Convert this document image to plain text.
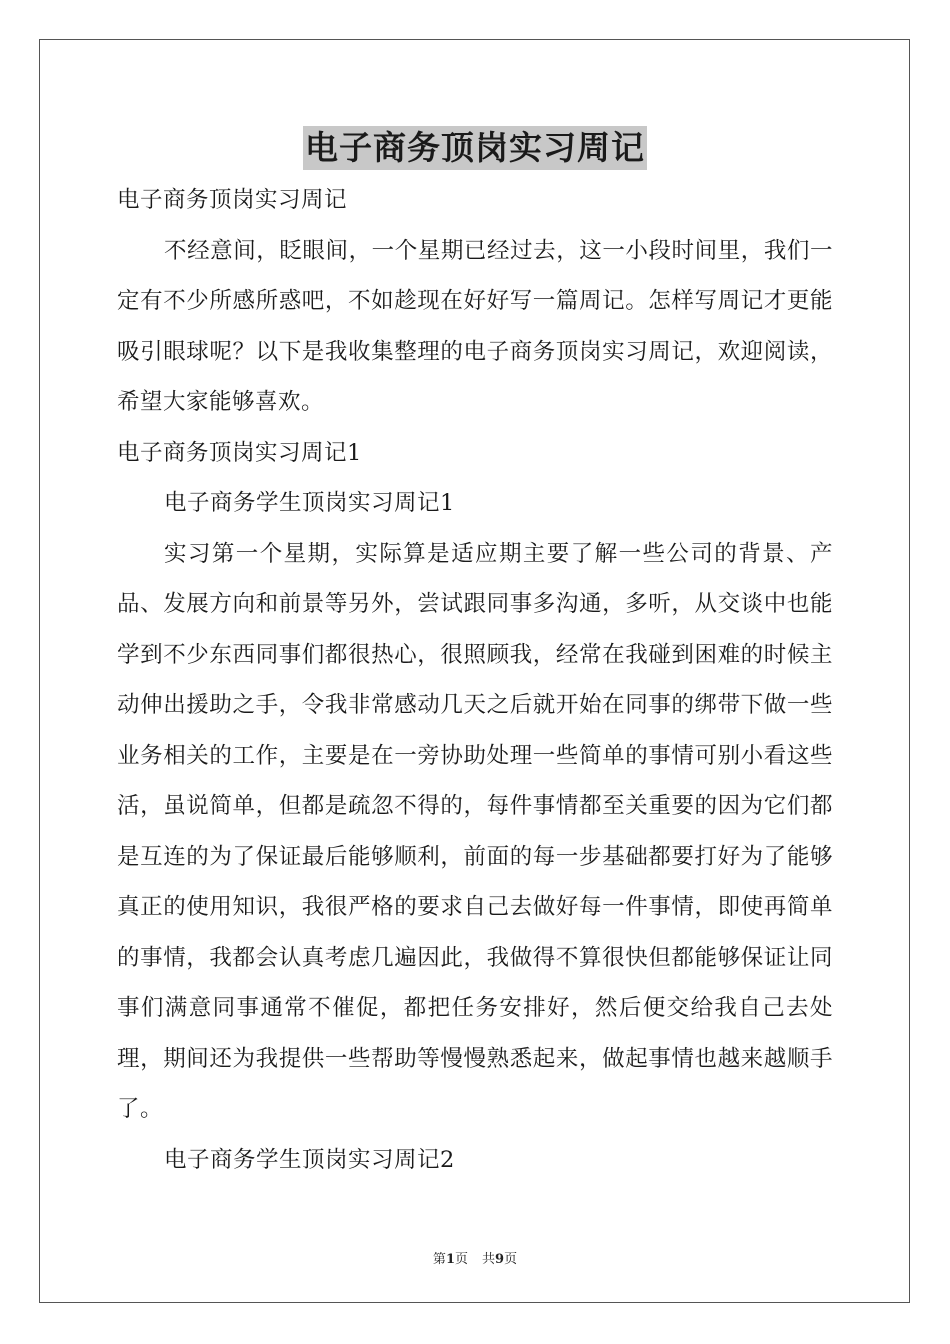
电子商务顶岗实习周记

电子商务顶岗实习周记

不经意间，眨眼间，一个星期已经过去，这一小段时间里，我们一定有不少所感所惑吧，不如趁现在好好写一篇周记。怎样写周记才更能吸引眼球呢？以下是我收集整理的电子商务顶岗实习周记，欢迎阅读，希望大家能够喜欢。

电子商务顶岗实习周记1

电子商务学生顶岗实习周记1

实习第一个星期，实际算是适应期主要了解一些公司的背景、产品、发展方向和前景等另外，尝试跟同事多沟通，多听，从交谈中也能学到不少东西同事们都很热心，很照顾我，经常在我碰到困难的时候主动伸出援助之手，令我非常感动几天之后就开始在同事的绑带下做一些业务相关的工作，主要是在一旁协助处理一些简单的事情可别小看这些活，虽说简单，但都是疏忽不得的，每件事情都至关重要的因为它们都是互连的为了保证最后能够顺利，前面的每一步基础都要打好为了能够真正的使用知识，我很严格的要求自己去做好每一件事情，即使再简单的事情，我都会认真考虑几遍因此，我做得不算很快但都能够保证让同事们满意同事通常不催促，都把任务安排好，然后便交给我自己去处理，期间还为我提供一些帮助等慢慢熟悉起来，做起事情也越来越顺手了。

电子商务学生顶岗实习周记2

第1页 共9页
